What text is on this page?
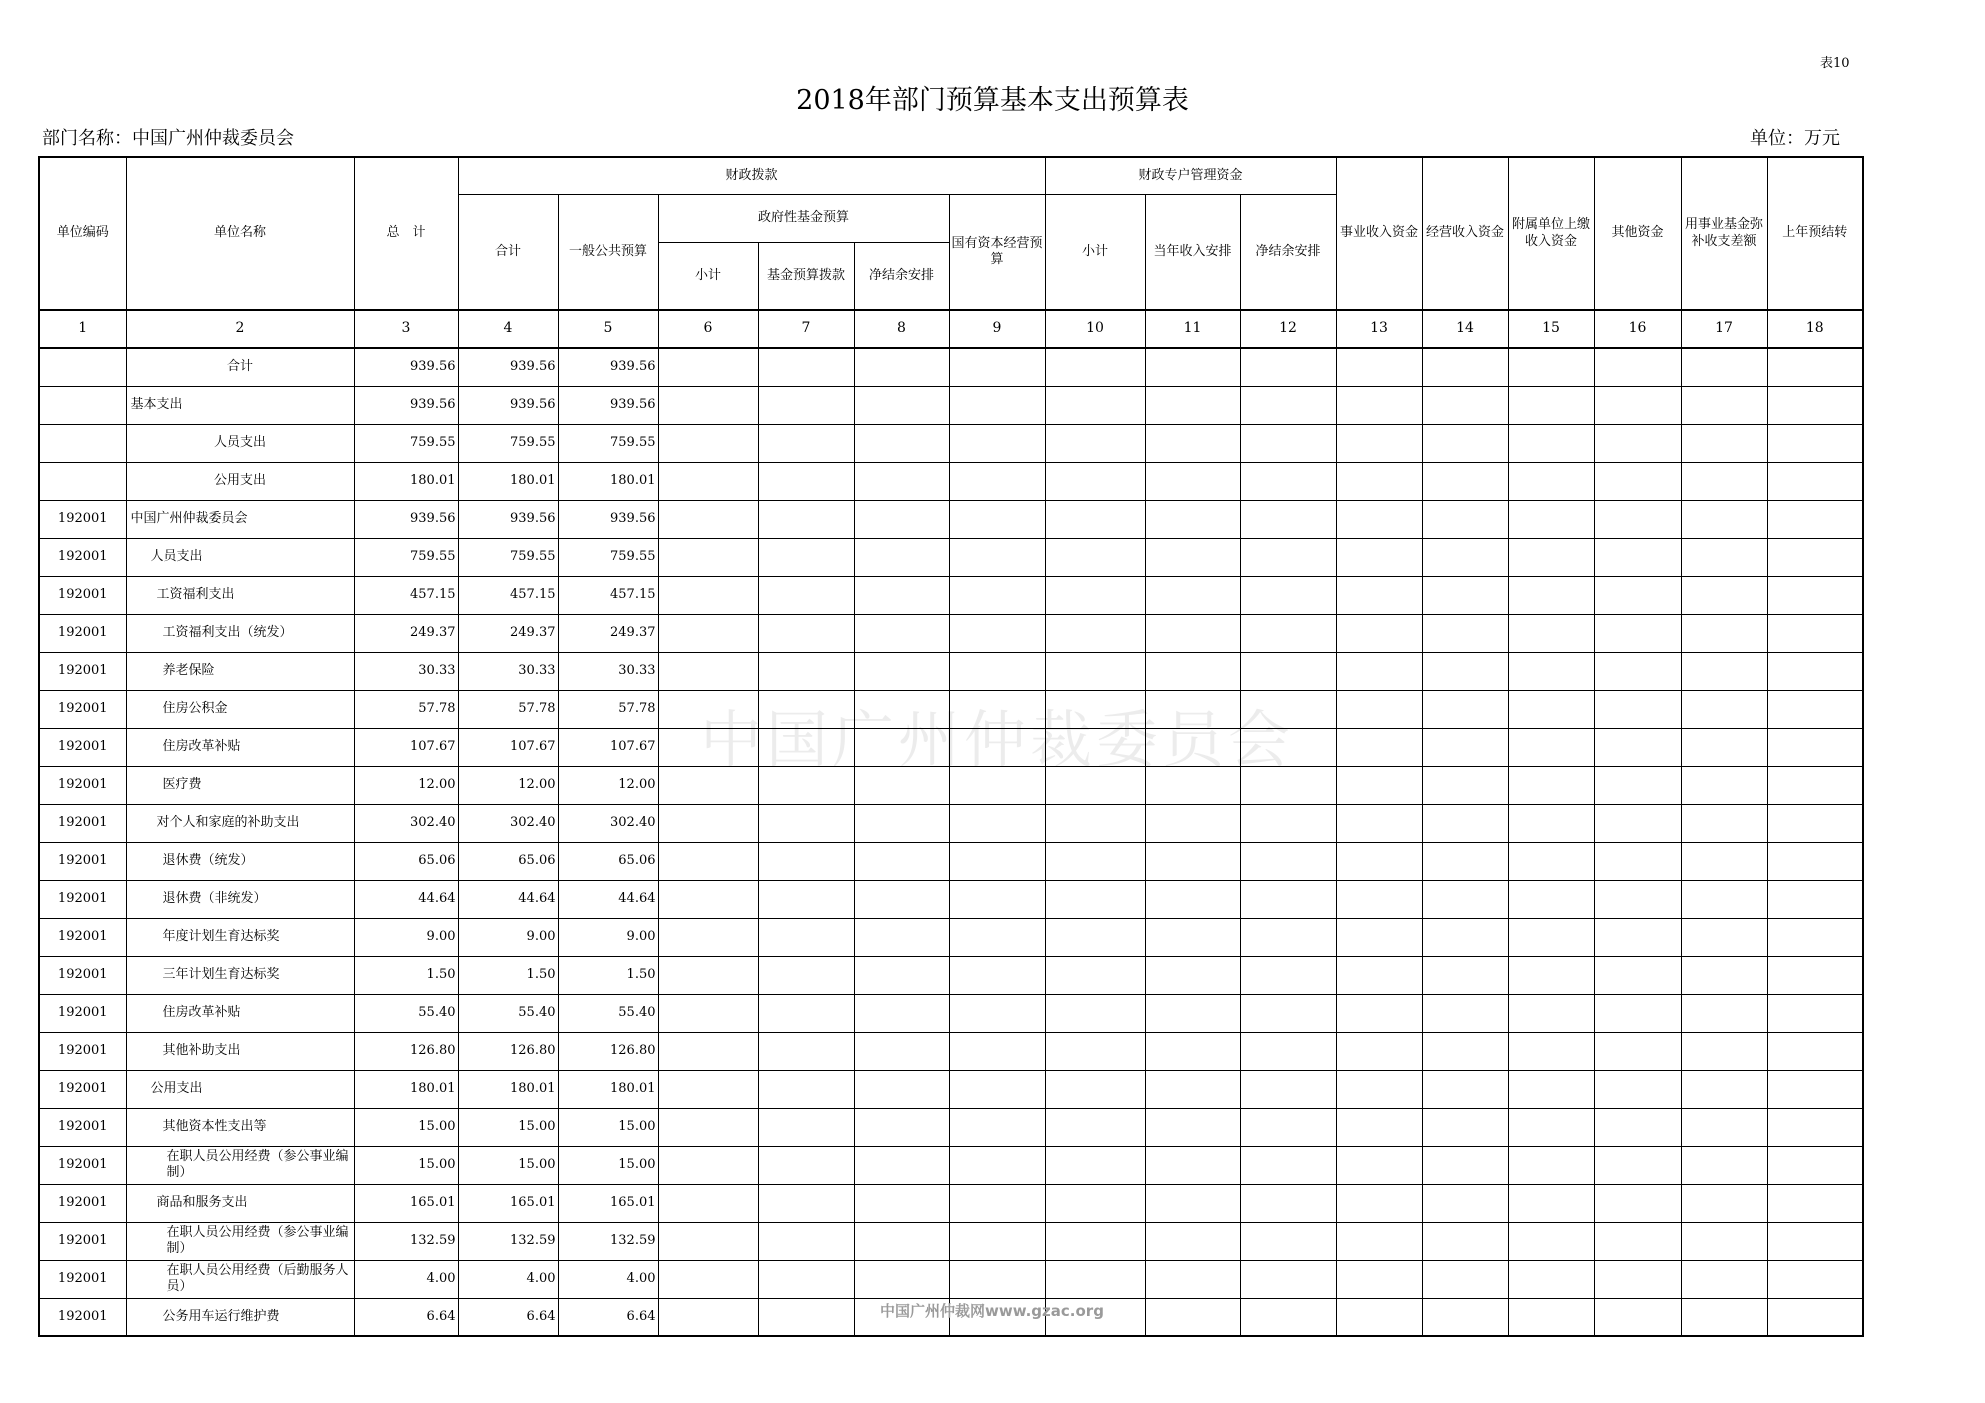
表10
2018年部门预算基本支出预算表
部门名称：中国广州仲裁委员会	单位：万元
单位编码	单位名称	总　计	财政拨款						财政专户管理资金			事业收入资金	经营收入资金	附属单位上缴收入资金	其他资金	用事业基金弥补收支差额	上年预结转
			合计	一般公共预算	政府性基金预算			国有资本经营预算	小计	当年收入安排	净结余安排						
					小计	基金预算拨款	净结余安排										
1	2	3	4	5	6	7	8	9	10	11	12	13	14	15	16	17	18
	合计	939.56	939.56	939.56													
	基本支出	939.56	939.56	939.56													
	人员支出	759.55	759.55	759.55													
	公用支出	180.01	180.01	180.01													
192001	中国广州仲裁委员会	939.56	939.56	939.56													
192001	人员支出	759.55	759.55	759.55													
192001	工资福利支出	457.15	457.15	457.15													
192001	工资福利支出（统发）	249.37	249.37	249.37													
192001	养老保险	30.33	30.33	30.33													
192001	住房公积金	57.78	57.78	57.78													
192001	住房改革补贴	107.67	107.67	107.67													
192001	医疗费	12.00	12.00	12.00													
192001	对个人和家庭的补助支出	302.40	302.40	302.40													
192001	退休费（统发）	65.06	65.06	65.06													
192001	退休费（非统发）	44.64	44.64	44.64													
192001	年度计划生育达标奖	9.00	9.00	9.00													
192001	三年计划生育达标奖	1.50	1.50	1.50													
192001	住房改革补贴	55.40	55.40	55.40													
192001	其他补助支出	126.80	126.80	126.80													
192001	公用支出	180.01	180.01	180.01													
192001	其他资本性支出等	15.00	15.00	15.00													
192001	在职人员公用经费（参公事业编制）	15.00	15.00	15.00													
192001	商品和服务支出	165.01	165.01	165.01													
192001	在职人员公用经费（参公事业编制）	132.59	132.59	132.59													
192001	在职人员公用经费（后勤服务人员）	4.00	4.00	4.00													
192001	公务用车运行维护费	6.64	6.64	6.64													
中国广州仲裁委员会
中国广州仲裁网www.gzac.org
